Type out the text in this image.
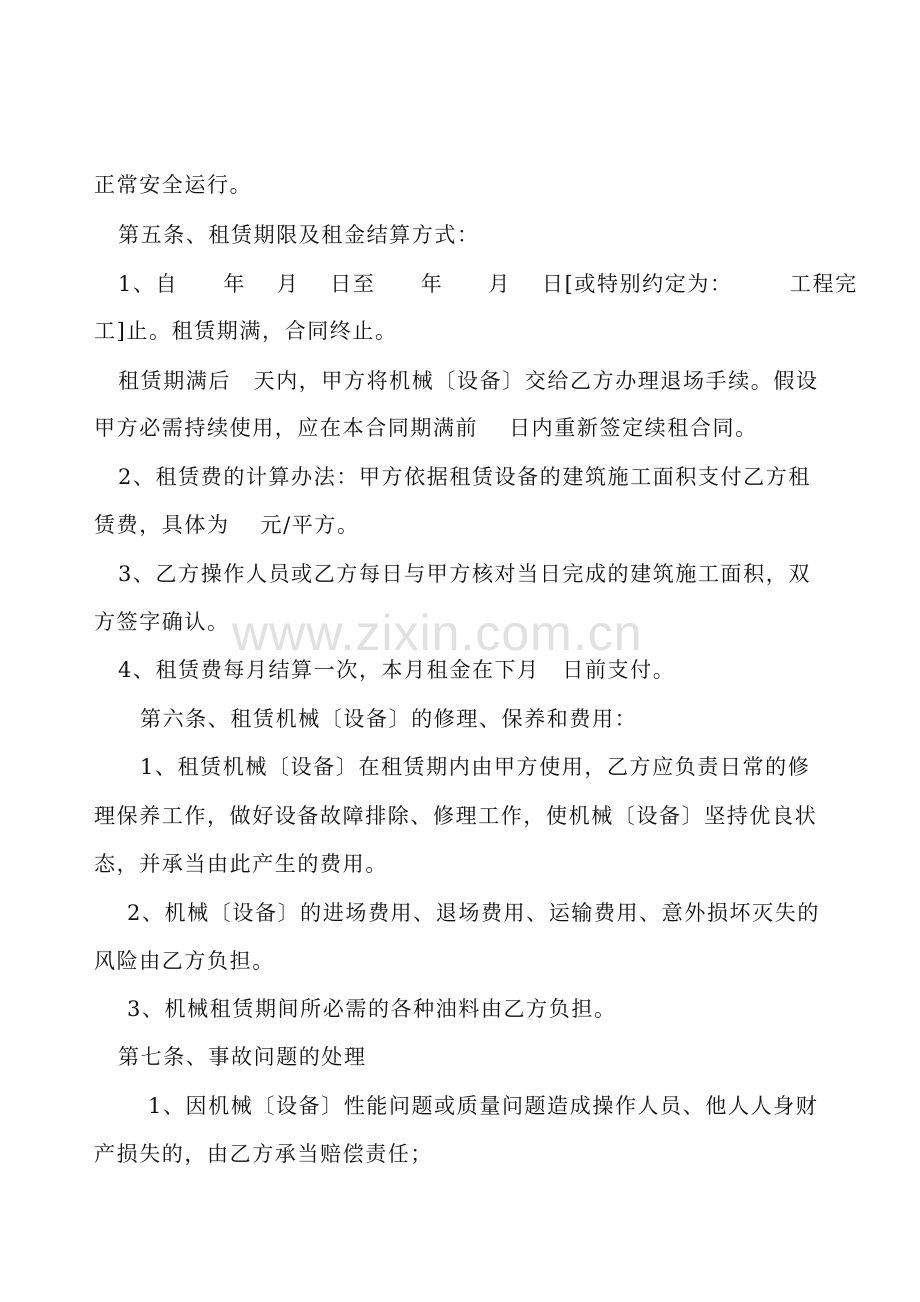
正常安全运行。
第五条、租赁期限及租金结算方式：
1、自　　年　 月　 日至　　年　　月　 日[或特别约定为：　　　工程完
工]止。租赁期满，合同终止。
租赁期满后　天内，甲方将机械〔设备〕交给乙方办理退场手续。假设
甲方必需持续使用，应在本合同期满前　 日内重新签定续租合同。
2、租赁费的计算办法：甲方依据租赁设备的建筑施工面积支付乙方租
赁费，具体为　 元/平方。
3、乙方操作人员或乙方每日与甲方核对当日完成的建筑施工面积，双
方签字确认。
4、租赁费每月结算一次，本月租金在下月　日前支付。
第六条、租赁机械〔设备〕的修理、保养和费用：
1、租赁机械〔设备〕在租赁期内由甲方使用，乙方应负责日常的修
理保养工作，做好设备故障排除、修理工作，使机械〔设备〕坚持优良状
态，并承当由此产生的费用。
2、机械〔设备〕的进场费用、退场费用、运输费用、意外损坏灭失的
风险由乙方负担。
3、机械租赁期间所必需的各种油料由乙方负担。
第七条、事故问题的处理
1、因机械〔设备〕性能问题或质量问题造成操作人员、他人人身财
产损失的，由乙方承当赔偿责任；
www.zixin.com.cn
